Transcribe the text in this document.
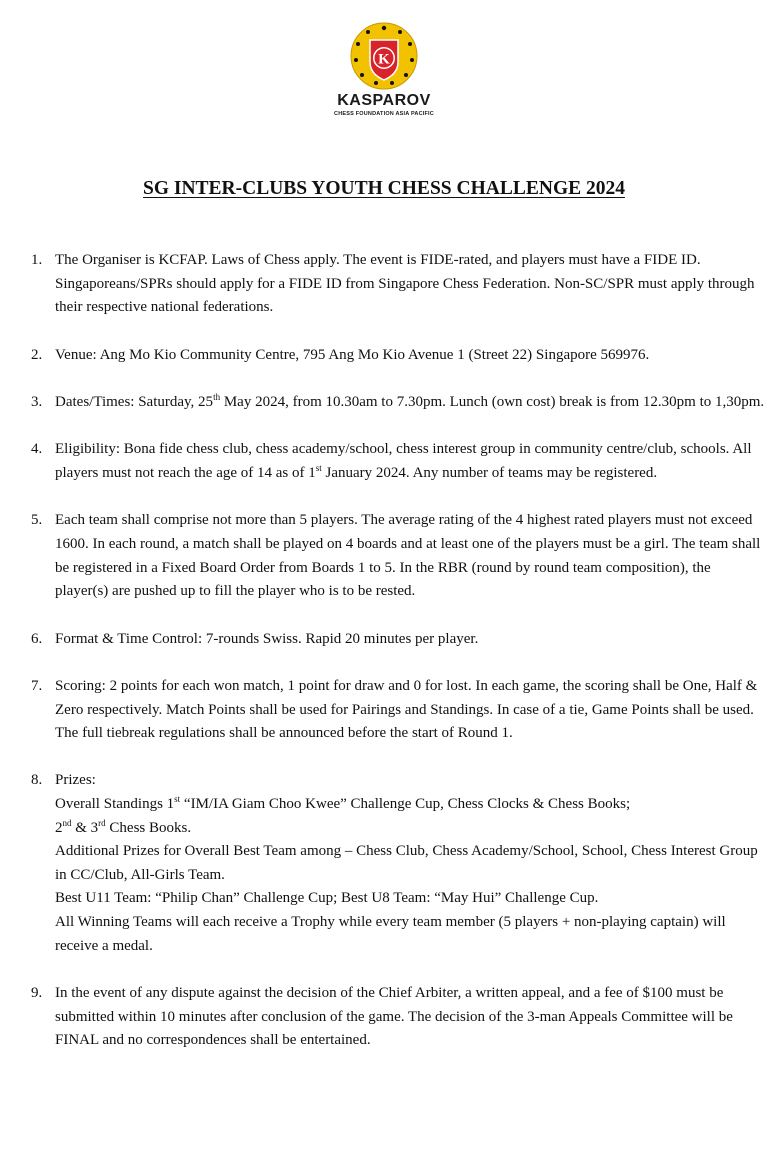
K
KASPAROV
CHESS FOUNDATION ASIA PACIFIC
SG INTER-CLUBS YOUTH CHESS CHALLENGE 2024
1. The Organiser is KCFAP. Laws of Chess apply. The event is FIDE-rated, and players must have a FIDE ID. Singaporeans/SPRs should apply for a FIDE ID from Singapore Chess Federation. Non-SC/SPR must apply through their respective national federations.
2. Venue: Ang Mo Kio Community Centre, 795 Ang Mo Kio Avenue 1 (Street 22) Singapore 569976.
3. Dates/Times: Saturday, 25th May 2024, from 10.30am to 7.30pm. Lunch (own cost) break is from 12.30pm to 1,30pm.
4. Eligibility: Bona fide chess club, chess academy/school, chess interest group in community centre/club, schools. All players must not reach the age of 14 as of 1st January 2024. Any number of teams may be registered.
5. Each team shall comprise not more than 5 players. The average rating of the 4 highest rated players must not exceed 1600. In each round, a match shall be played on 4 boards and at least one of the players must be a girl. The team shall be registered in a Fixed Board Order from Boards 1 to 5. In the RBR (round by round team composition), the player(s) are pushed up to fill the player who is to be rested.
6. Format & Time Control: 7-rounds Swiss. Rapid 20 minutes per player.
7. Scoring: 2 points for each won match, 1 point for draw and 0 for lost. In each game, the scoring shall be One, Half & Zero respectively. Match Points shall be used for Pairings and Standings. In case of a tie, Game Points shall be used. The full tiebreak regulations shall be announced before the start of Round 1.
8. Prizes:

Overall Standings 1st “IM/IA Giam Choo Kwee” Challenge Cup, Chess Clocks & Chess Books;

2nd & 3rd Chess Books.

Additional Prizes for Overall Best Team among – Chess Club, Chess Academy/School, School, Chess Interest Group in CC/Club, All-Girls Team.

Best U11 Team: “Philip Chan” Challenge Cup; Best U8 Team: “May Hui” Challenge Cup.

All Winning Teams will each receive a Trophy while every team member (5 players + non-playing captain) will receive a medal.

9. In the event of any dispute against the decision of the Chief Arbiter, a written appeal, and a fee of $100 must be submitted within 10 minutes after conclusion of the game. The decision of the 3-man Appeals Committee will be FINAL and no correspondences shall be entertained.
